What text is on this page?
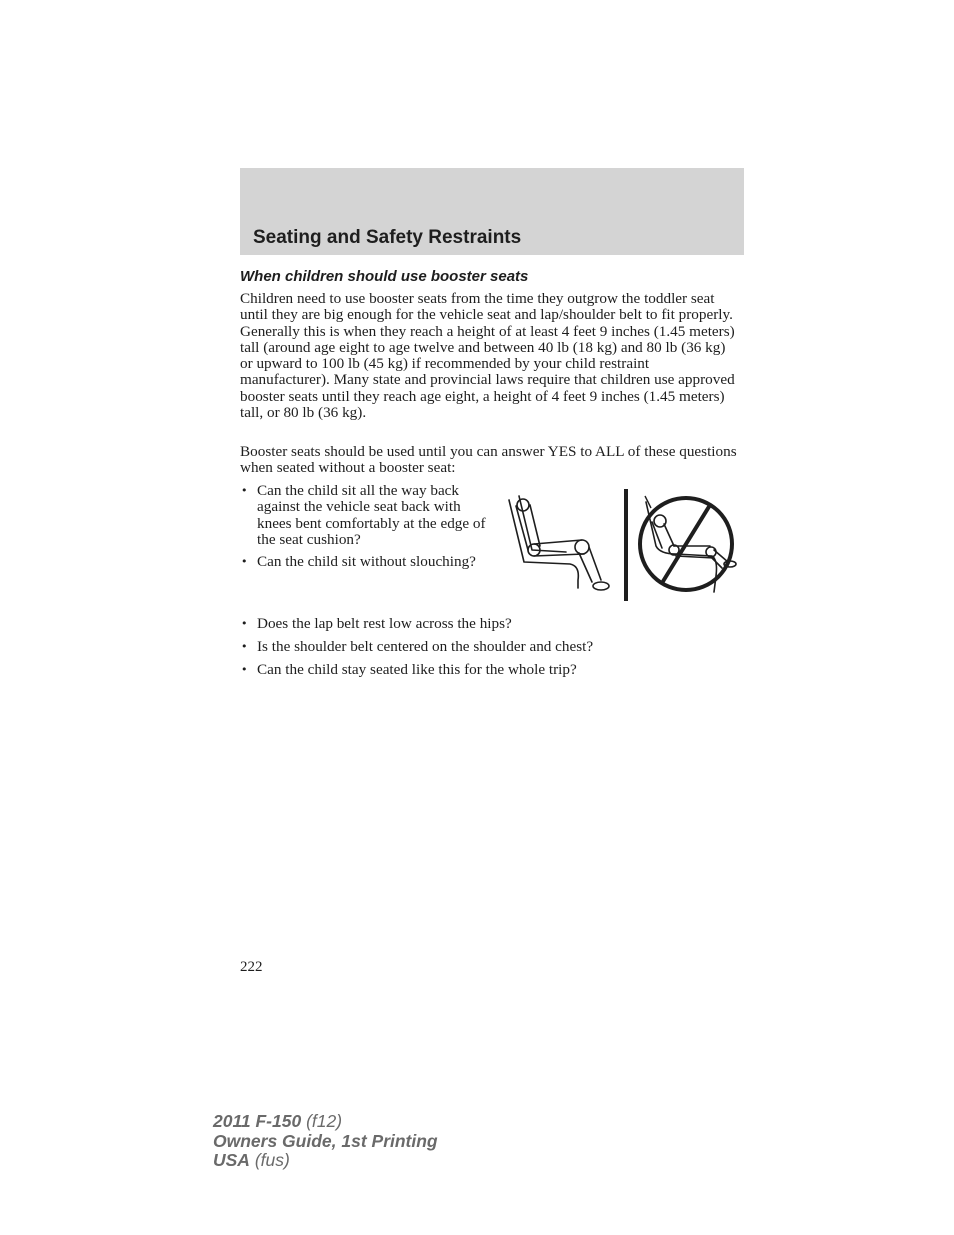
Seating and Safety Restraints
When children should use booster seats

Children need to use booster seats from the time they outgrow the toddler seat until they are big enough for the vehicle seat and lap/shoulder belt to fit properly. Generally this is when they reach a height of at least 4 feet 9 inches (1.45 meters) tall (around age eight to age twelve and between 40 lb (18 kg) and 80 lb (36 kg) or upward to 100 lb (45 kg) if recommended by your child restraint manufacturer). Many state and provincial laws require that children use approved booster seats until they reach age eight, a height of 4 feet 9 inches (1.45 meters) tall, or 80 lb (36 kg).

Booster seats should be used until you can answer YES to ALL of these questions when seated without a booster seat:

• Can the child sit all the way back against the vehicle seat back with knees bent comfortably at the edge of the seat cushion?
• Can the child sit without slouching?
• Does the lap belt rest low across the hips?
• Is the shoulder belt centered on the shoulder and chest?
• Can the child stay seated like this for the whole trip?
222
2011 F-150 (f12)
Owners Guide, 1st Printing
USA (fus)
